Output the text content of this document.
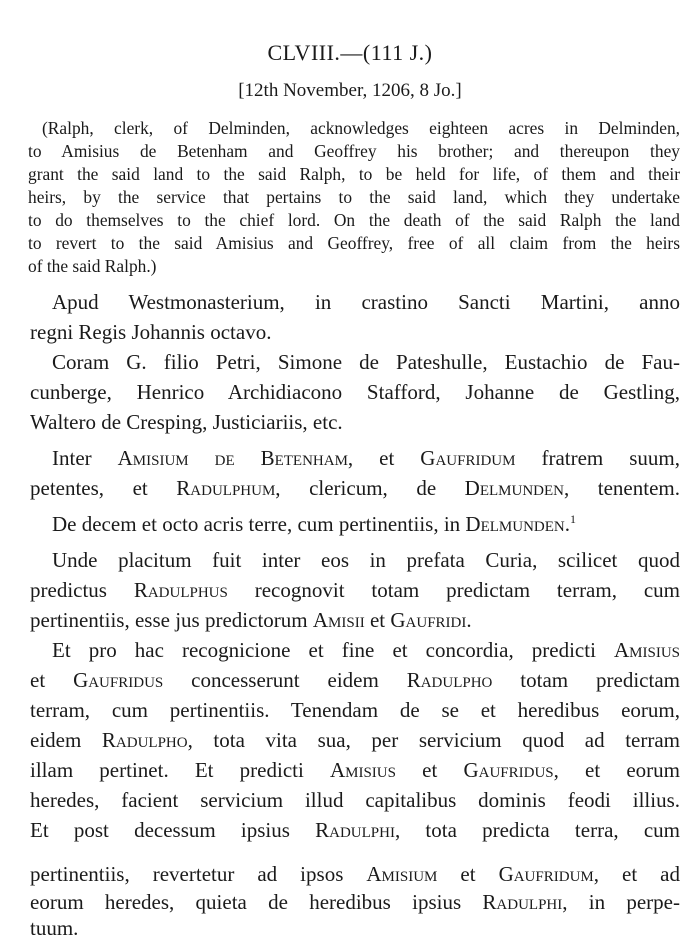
CLVIII.—(111 J.)
[12th November, 1206, 8 Jo.]
(Ralph, clerk, of Delminden, acknowledges eighteen acres in Delminden,
to Amisius de Betenham and Geoffrey his brother; and thereupon they
grant the said land to the said Ralph, to be held for life, of them and their
heirs, by the service that pertains to the said land, which they undertake
to do themselves to the chief lord. On the death of the said Ralph the land
to revert to the said Amisius and Geoffrey, free of all claim from the heirs
of the said Ralph.)
Apud Westmonasterium, in crastino Sancti Martini, anno
regni Regis Johannis octavo.
Coram G. filio Petri, Simone de Pateshulle, Eustachio de Fau-
cunberge, Henrico Archidiacono Stafford, Johanne de Gestling,
Waltero de Cresping, Justiciariis, etc.
Inter Amisium de Betenham, et Gaufridum fratrem suum,
petentes, et Radulphum, clericum, de Delmunden, tenentem.
De decem et octo acris terre, cum pertinentiis, in Delmunden.$^1$
Unde placitum fuit inter eos in prefata Curia, scilicet quod
predictus Radulphus recognovit totam predictam terram, cum
pertinentiis, esse jus predictorum Amisii et Gaufridi.
Et pro hac recognicione et fine et concordia, predicti Amisius
et Gaufridus concesserunt eidem Radulpho totam predictam
terram, cum pertinentiis. Tenendam de se et heredibus eorum,
eidem Radulpho, tota vita sua, per servicium quod ad terram
illam pertinet. Et predicti Amisius et Gaufridus, et eorum
heredes, facient servicium illud capitalibus dominis feodi illius.
Et post decessum ipsius Radulphi, tota predicta terra, cum
pertinentiis, revertetur ad ipsos Amisium et Gaufridum, et ad
eorum heredes, quieta de heredibus ipsius Radulphi, in perpe-
tuum.
